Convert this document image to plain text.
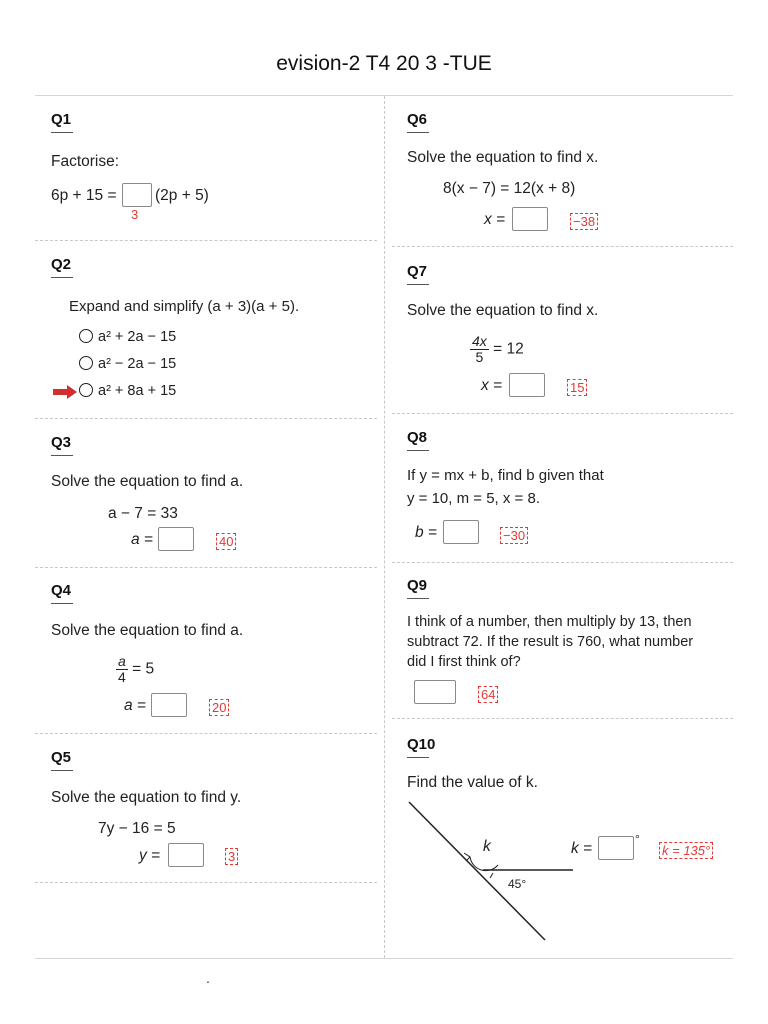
evision-2 T4 20 3 -TUE
Q1
Factorise:
6p + 15 = (2p + 5)
3
Q2
Expand and simplify (a + 3)(a + 5).
a² + 2a − 15
a² − 2a − 15
a² + 8a + 15
Q3
Solve the equation to find a.
a − 7 = 33
a =	40
Q4
Solve the equation to find a.
$\frac{a}{4} = 5$
a =	20
Q5
Solve the equation to find y.
7y − 16 = 5
y =	3
Q6
Solve the equation to find x.
8(x − 7) = 12(x + 8)
x =	−38
Q7
Solve the equation to find x.
$\frac{4x}{5} = 12$
x =	15
Q8
If y = mx + b, find b given that
y = 10, m = 5, x = 8.
b =	−30
Q9
I think of a number, then multiply by 13, then
subtract 72. If the result is 760, what number
did I first think of?
64
Q10
Find the value of k.
k
45°
k =
°
k = 135°
.
